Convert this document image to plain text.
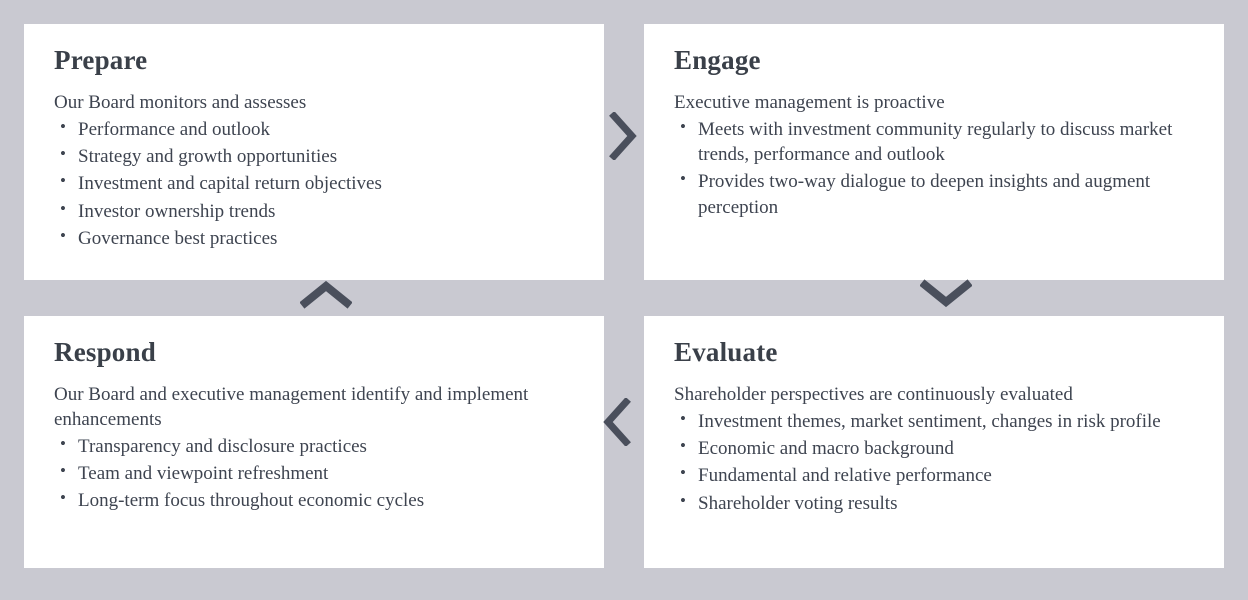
Prepare

Our Board monitors and assesses

• Performance and outlook
• Strategy and growth opportunities
• Investment and capital return objectives
• Investor ownership trends
• Governance best practices
Engage

Executive management is proactive

• Meets with investment community regularly to discuss market trends, performance and outlook
• Provides two-way dialogue to deepen insights and augment perception
Respond

Our Board and executive management identify and implement enhancements

• Transparency and disclosure practices
• Team and viewpoint refreshment
• Long-term focus throughout economic cycles
Evaluate

Shareholder perspectives are continuously evaluated

• Investment themes, market sentiment, changes in risk profile
• Economic and macro background
• Fundamental and relative performance
• Shareholder voting results
